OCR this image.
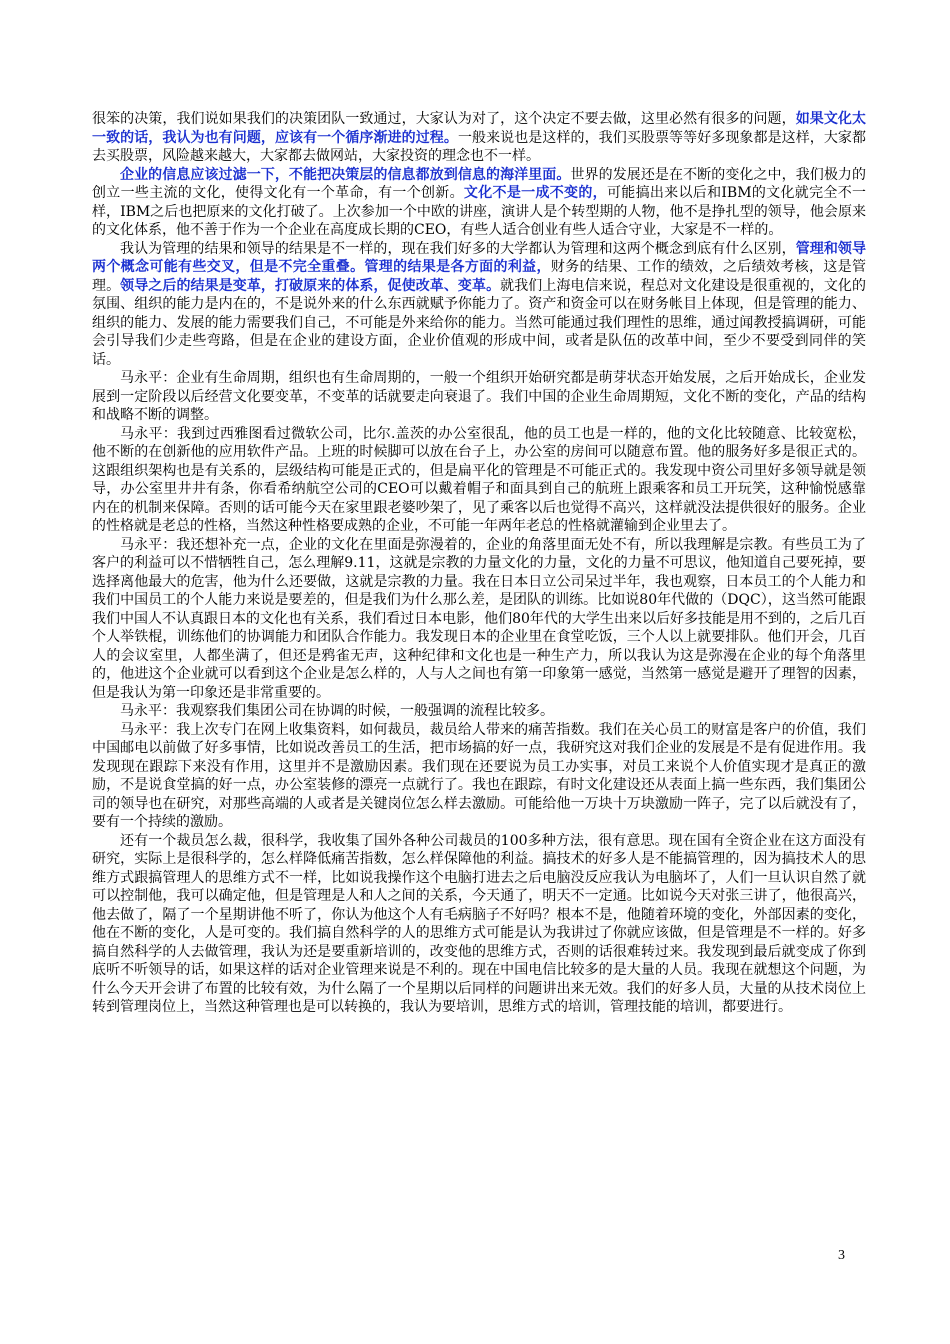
很笨的决策，我们说如果我们的决策团队一致通过，大家认为对了，这个决定不要去做，这里必然有很多的问题，如果文化太一致的话，我认为也有问题，应该有一个循序渐进的过程。一般来说也是这样的，我们买股票等等好多现象都是这样，大家都去买股票，风险越来越大，大家都去做网站，大家投资的理念也不一样。

企业的信息应该过滤一下，不能把决策层的信息都放到信息的海洋里面。世界的发展还是在不断的变化之中，我们极力的创立一些主流的文化，使得文化有一个革命，有一个创新。文化不是一成不变的，可能搞出来以后和IBM的文化就完全不一样，IBM之后也把原来的文化打破了。上次参加一个中欧的讲座，演讲人是个转型期的人物，他不是挣扎型的领导，他会原来的文化体系，他不善于作为一个企业在高度成长期的CEO，有些人适合创业有些人适合守业，大家是不一样的。

我认为管理的结果和领导的结果是不一样的，现在我们好多的大学都认为管理和这两个概念到底有什么区别，管理和领导两个概念可能有些交叉，但是不完全重叠。管理的结果是各方面的利益，财务的结果、工作的绩效，之后绩效考核，这是管理。领导之后的结果是变革，打破原来的体系，促使改革、变革。就我们上海电信来说，程总对文化建设是很重视的，文化的氛围、组织的能力是内在的，不是说外来的什么东西就赋予你能力了。资产和资金可以在财务帐目上体现，但是管理的能力、组织的能力、发展的能力需要我们自己，不可能是外来给你的能力。当然可能通过我们理性的思维，通过闻教授搞调研，可能会引导我们少走些弯路，但是在企业的建设方面，企业价值观的形成中间，或者是队伍的改革中间，至少不要受到同伴的笑话。

马永平：企业有生命周期，组织也有生命周期的，一般一个组织开始研究都是萌芽状态开始发展，之后开始成长，企业发展到一定阶段以后经营文化要变革，不变革的话就要走向衰退了。我们中国的企业生命周期短，文化不断的变化，产品的结构和战略不断的调整。

马永平：我到过西雅图看过微软公司，比尔.盖茨的办公室很乱，他的员工也是一样的，他的文化比较随意、比较宽松，他不断的在创新他的应用软件产品。上班的时候脚可以放在台子上，办公室的房间可以随意布置。他的服务好多是很正式的。这跟组织架构也是有关系的，层级结构可能是正式的，但是扁平化的管理是不可能正式的。我发现中资公司里好多领导就是领导，办公室里井井有条，你看希纳航空公司的CEO可以戴着帽子和面具到自己的航班上跟乘客和员工开玩笑，这种愉悦感靠内在的机制来保障。否则的话可能今天在家里跟老婆吵架了，见了乘客以后也觉得不高兴，这样就没法提供很好的服务。企业的性格就是老总的性格，当然这种性格要成熟的企业，不可能一年两年老总的性格就灌输到企业里去了。

马永平：我还想补充一点，企业的文化在里面是弥漫着的，企业的角落里面无处不有，所以我理解是宗教。有些员工为了客户的利益可以不惜牺牲自己，怎么理解9.11，这就是宗教的力量文化的力量，文化的力量不可思议，他知道自己要死掉，要选择离他最大的危害，他为什么还要做，这就是宗教的力量。我在日本日立公司呆过半年，我也观察，日本员工的个人能力和我们中国员工的个人能力来说是要差的，但是我们为什么那么差，是团队的训练。比如说80年代做的（DQC），这当然可能跟我们中国人不认真跟日本的文化也有关系，我们看过日本电影，他们80年代的大学生出来以后好多技能是用不到的，之后几百个人举铁棍，训练他们的协调能力和团队合作能力。我发现日本的企业里在食堂吃饭，三个人以上就要排队。他们开会，几百人的会议室里，人都坐满了，但还是鸦雀无声，这种纪律和文化也是一种生产力，所以我认为这是弥漫在企业的每个角落里的，他进这个企业就可以看到这个企业是怎么样的，人与人之间也有第一印象第一感觉，当然第一感觉是避开了理智的因素，但是我认为第一印象还是非常重要的。

马永平：我观察我们集团公司在协调的时候，一般强调的流程比较多。

马永平：我上次专门在网上收集资料，如何裁员，裁员给人带来的痛苦指数。我们在关心员工的财富是客户的价值，我们中国邮电以前做了好多事情，比如说改善员工的生活，把市场搞的好一点，我研究这对我们企业的发展是不是有促进作用。我发现现在跟踪下来没有作用，这里并不是激励因素。我们现在还要说为员工办实事，对员工来说个人价值实现才是真正的激励，不是说食堂搞的好一点，办公室装修的漂亮一点就行了。我也在跟踪，有时文化建设还从表面上搞一些东西，我们集团公司的领导也在研究，对那些高端的人或者是关键岗位怎么样去激励。可能给他一万块十万块激励一阵子，完了以后就没有了，要有一个持续的激励。

还有一个裁员怎么裁，很科学，我收集了国外各种公司裁员的100多种方法，很有意思。现在国有全资企业在这方面没有研究，实际上是很科学的，怎么样降低痛苦指数，怎么样保障他的利益。搞技术的好多人是不能搞管理的，因为搞技术人的思维方式跟搞管理人的思维方式不一样，比如说我操作这个电脑打进去之后电脑没反应我认为电脑坏了，人们一旦认识自然了就可以控制他，我可以确定他，但是管理是人和人之间的关系，今天通了，明天不一定通。比如说今天对张三讲了，他很高兴，他去做了，隔了一个星期讲他不听了，你认为他这个人有毛病脑子不好吗？根本不是，他随着环境的变化，外部因素的变化，他在不断的变化，人是可变的。我们搞自然科学的人的思维方式可能是认为我讲过了你就应该做，但是管理是不一样的。好多搞自然科学的人去做管理，我认为还是要重新培训的，改变他的思维方式，否则的话很难转过来。我发现到最后就变成了你到底听不听领导的话，如果这样的话对企业管理来说是不利的。现在中国电信比较多的是大量的人员。我现在就想这个问题，为什么今天开会讲了布置的比较有效，为什么隔了一个星期以后同样的问题讲出来无效。我们的好多人员，大量的从技术岗位上转到管理岗位上，当然这种管理也是可以转换的，我认为要培训，思维方式的培训，管理技能的培训，都要进行。

3
